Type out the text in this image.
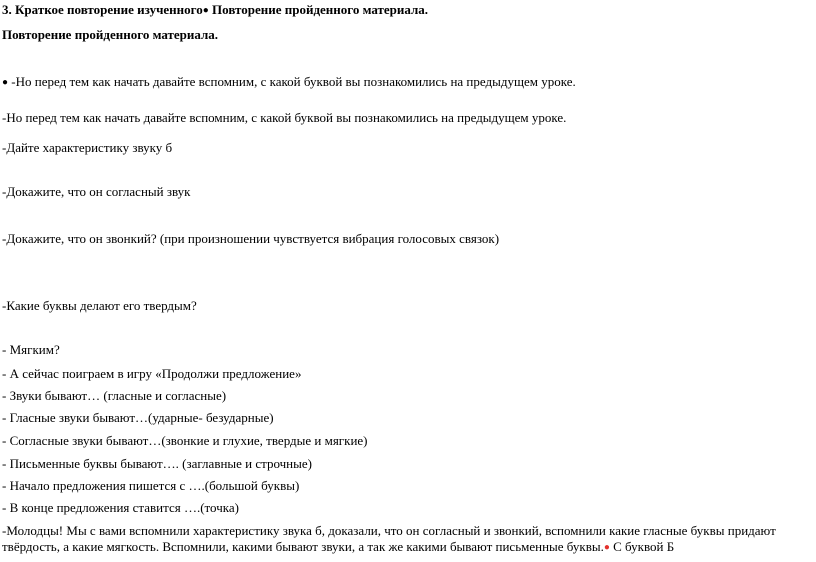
3. Краткое повторение изученного● Повторение пройденного материала.
Повторение пройденного материала.
● -Но перед тем как начать давайте вспомним, с какой буквой вы познакомились на предыдущем уроке.
-Но перед тем как начать давайте вспомним, с какой буквой вы познакомились на предыдущем уроке.
-Дайте характеристику звуку б
-Докажите, что он согласный звук
-Докажите, что он звонкий? (при произношении чувствуется вибрация голосовых связок)
-Какие буквы делают его твердым?
- Мягким?
- А сейчас поиграем в игру «Продолжи предложение»
- Звуки бывают… (гласные и согласные)
- Гласные звуки бывают…(ударные- безударные)
- Согласные звуки бывают…(звонкие и глухие, твердые и мягкие)
- Письменные буквы бывают…. (заглавные и строчные)
- Начало предложения пишется с ….(большой буквы)
- В конце предложения ставится ….(точка)
-Молодцы! Мы с вами вспомнили характеристику звука б, доказали, что он согласный и звонкий, вспомнили какие гласные буквы придают
твёрдость, а какие мягкость. Вспомнили, какими бывают звуки, а так же какими бывают письменные буквы.● С буквой Б
